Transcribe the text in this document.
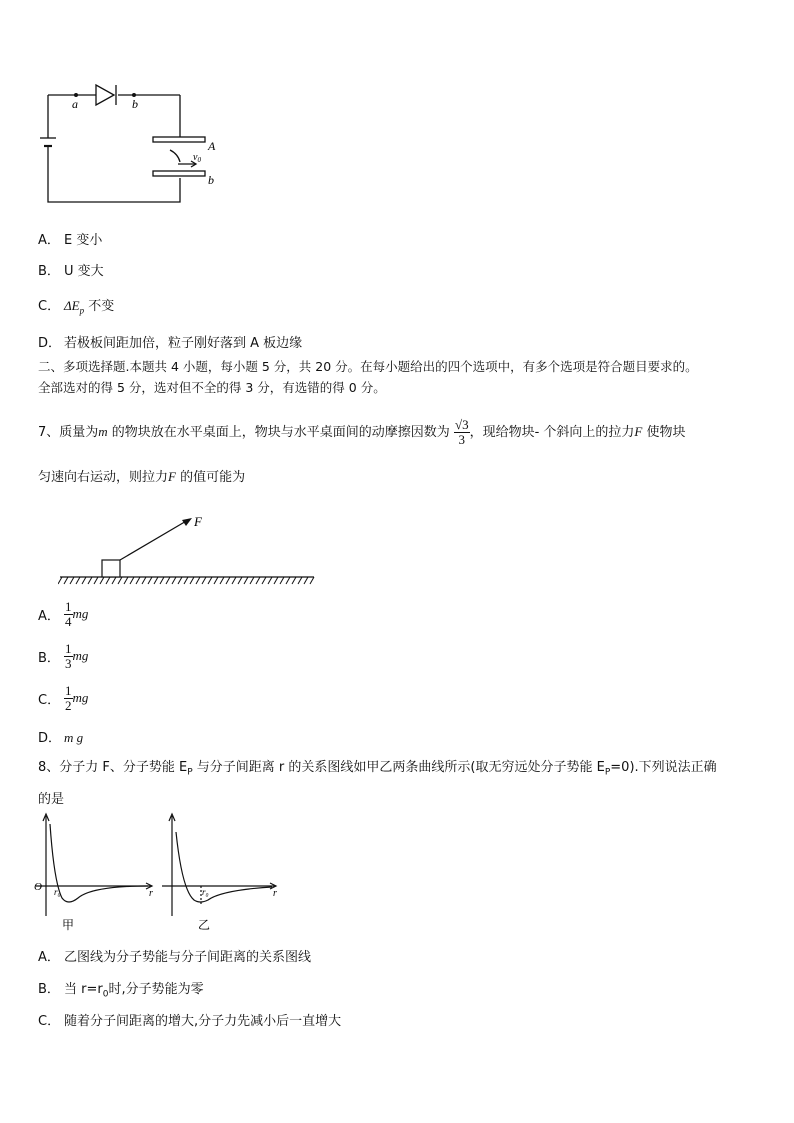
a	b
A
b
$v_0$
A． E 变小
B． U 变大
C． $\Delta E_p$ 不变
D． 若极板间距加倍，粒子刚好落到 A 板边缘
二、多项选择题.本题共 4 小题，每小题 5 分，共 20 分。在每小题给出的四个选项中，有多个选项是符合题目要求的。
全部选对的得 5 分，选对但不全的得 3 分，有选错的得 0 分。
7、质量为m 的物块放在水平桌面上，物块与水平桌面间的动摩擦因数为 $\frac{√3}{3}$ ，现给物块- 个斜向上的拉力F 使物块
匀速向右运动，则拉力F 的值可能为
F
A． $\frac{1}{4}$ mg
B． $\frac{1}{3}$ mg
C． $\frac{1}{2}$ mg
D． m g
8、分子力 F、分子势能 $E_P$ 与分子间距离 r 的关系图线如甲乙两条曲线所示(取无穷远处分子势能 $E_P=0$).下列说法正确
的是
O r₀	r
甲
r₀	r
乙
A． 乙图线为分子势能与分子间距离的关系图线
B． 当 $r=r_0$时,分子势能为零
C． 随着分子间距离的增大,分子力先减小后一直增大
